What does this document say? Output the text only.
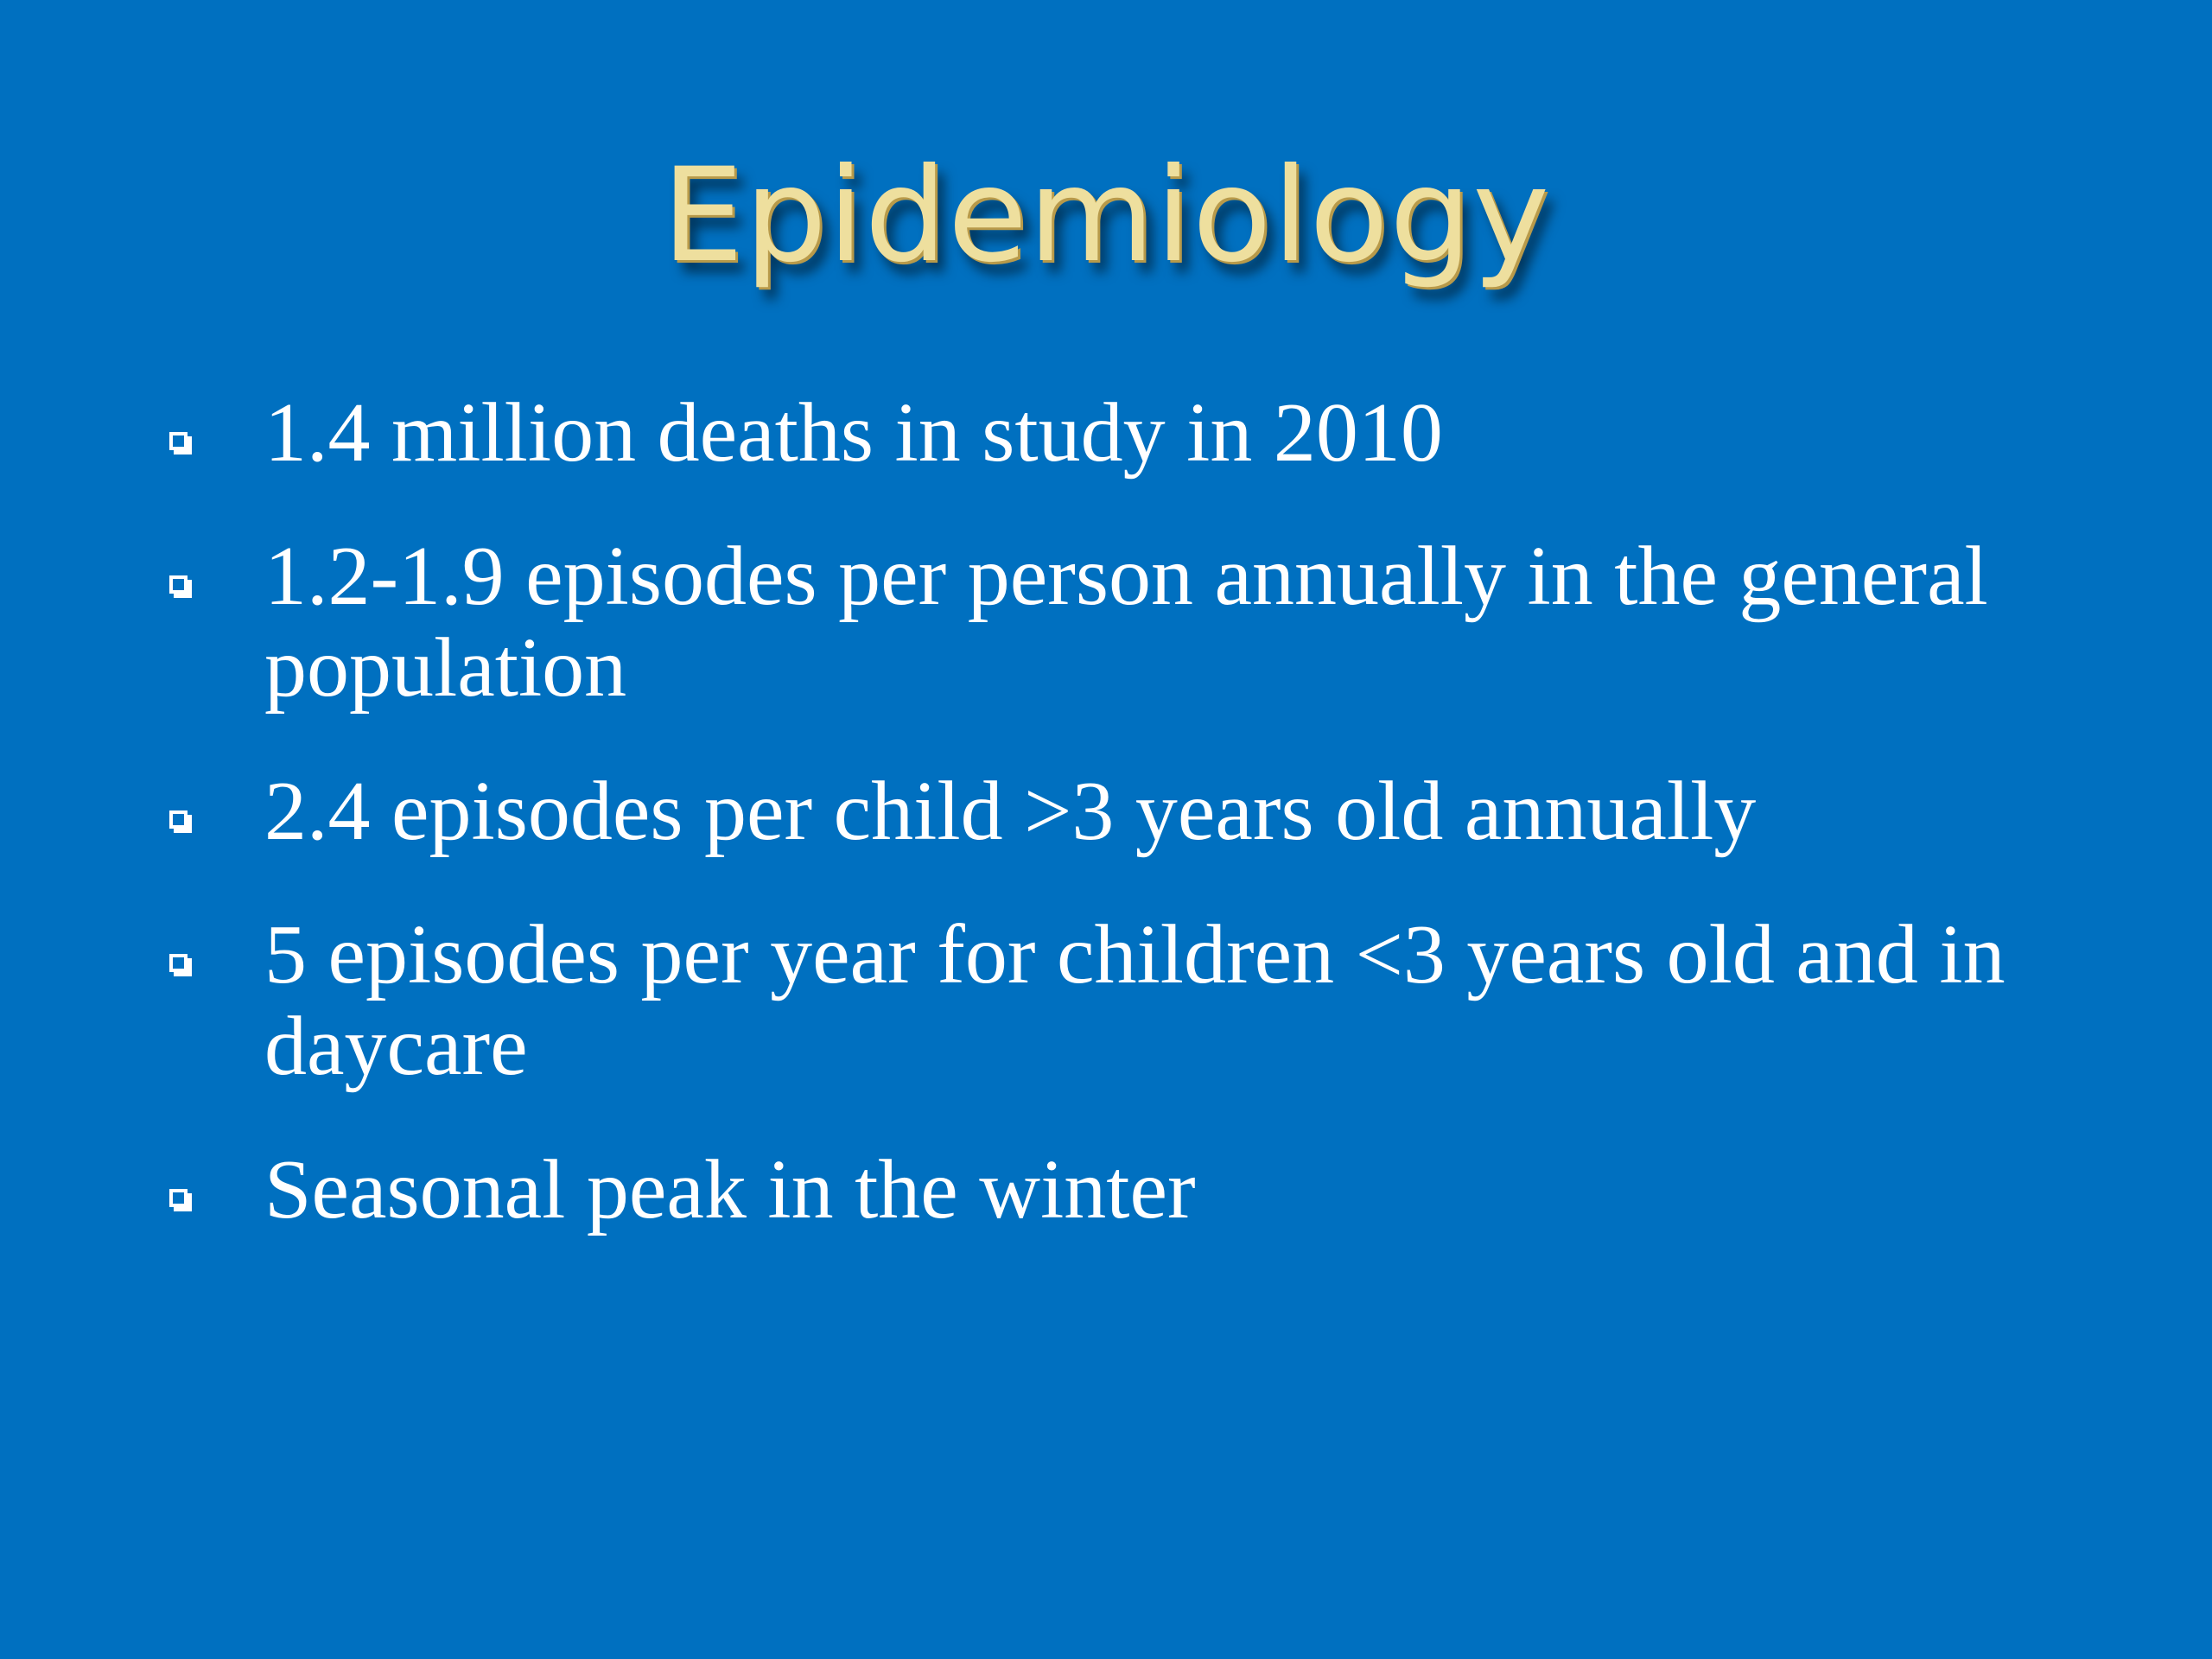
Epidemiology
1.4 million deaths in study in 2010
1.2-1.9 episodes per person annually in the general population
2.4 episodes per child >3 years old annually
5 episodes per year for children <3 years old and in daycare
Seasonal peak in the winter
